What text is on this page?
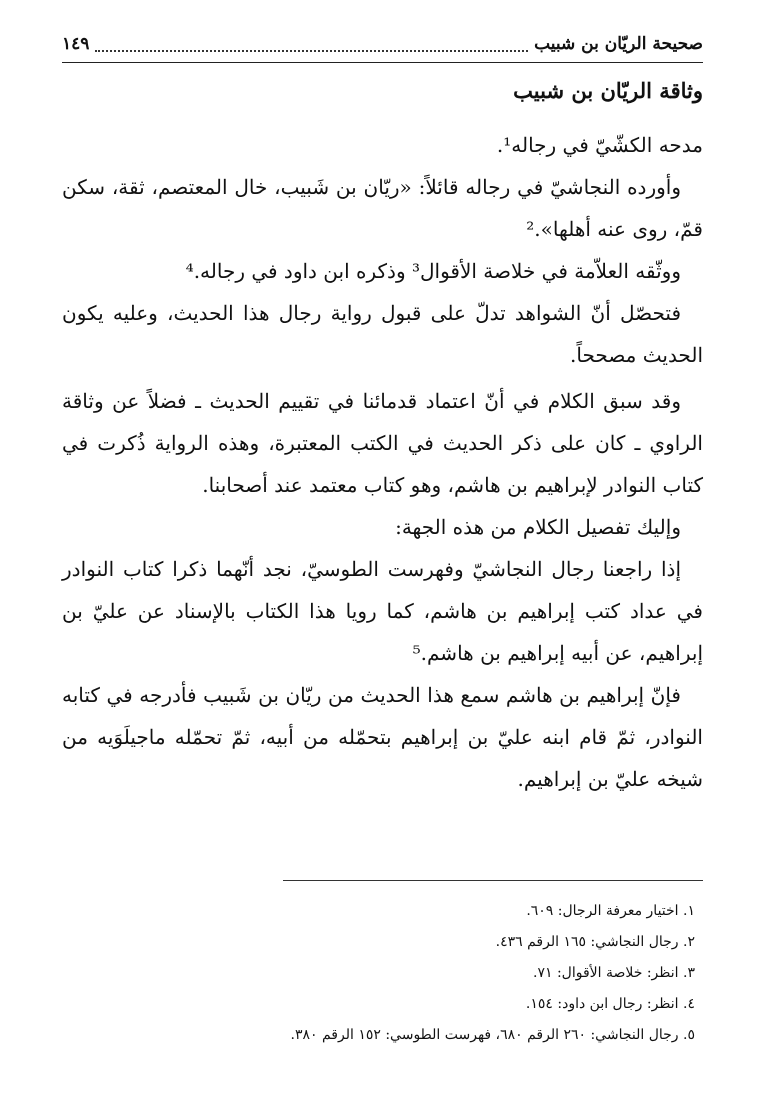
صحيحة الريّان بن شبيب
١٤٩
وثاقة الريّان بن شبيب

مدحه الكشّيّ في رجاله¹.

وأورده النجاشيّ في رجاله قائلاً: «ريّان بن شَبيب، خال المعتصم، ثقة، سكن قمّ، روى عنه أهلها».²

ووثّقه العلاّمة في خلاصة الأقوال³ وذكره ابن داود في رجاله.⁴

فتحصّل أنّ الشواهد تدلّ على قبول رواية رجال هذا الحديث، وعليه يكون الحديث مصححاً.

وقد سبق الكلام في أنّ اعتماد قدمائنا في تقييم الحديث ـ فضلاً عن وثاقة الراوي ـ كان على ذكر الحديث في الكتب المعتبرة، وهذه الرواية ذُكرت في كتاب النوادر لإبراهيم بن هاشم، وهو كتاب معتمد عند أصحابنا.

وإليك تفصيل الكلام من هذه الجهة:

إذا راجعنا رجال النجاشيّ وفهرست الطوسيّ، نجد أنّهما ذكرا كتاب النوادر في عداد كتب إبراهيم بن هاشم، كما رويا هذا الكتاب بالإسناد عن عليّ بن إبراهيم، عن أبيه إبراهيم بن هاشم.⁵

فإنّ إبراهيم بن هاشم سمع هذا الحديث من ريّان بن شَبيب فأدرجه في كتابه النوادر، ثمّ قام ابنه عليّ بن إبراهيم بتحمّله من أبيه، ثمّ تحمّله ماجيلَوَيه من شيخه عليّ بن إبراهيم.

١. اختيار معرفة الرجال: ٦٠٩.
٢. رجال النجاشي: ١٦٥ الرقم ٤٣٦.
٣. انظر: خلاصة الأقوال: ٧١.
٤. انظر: رجال ابن داود: ١٥٤.
٥. رجال النجاشي: ٢٦٠ الرقم ٦٨٠، فهرست الطوسي: ١٥٢ الرقم ٣٨٠.
